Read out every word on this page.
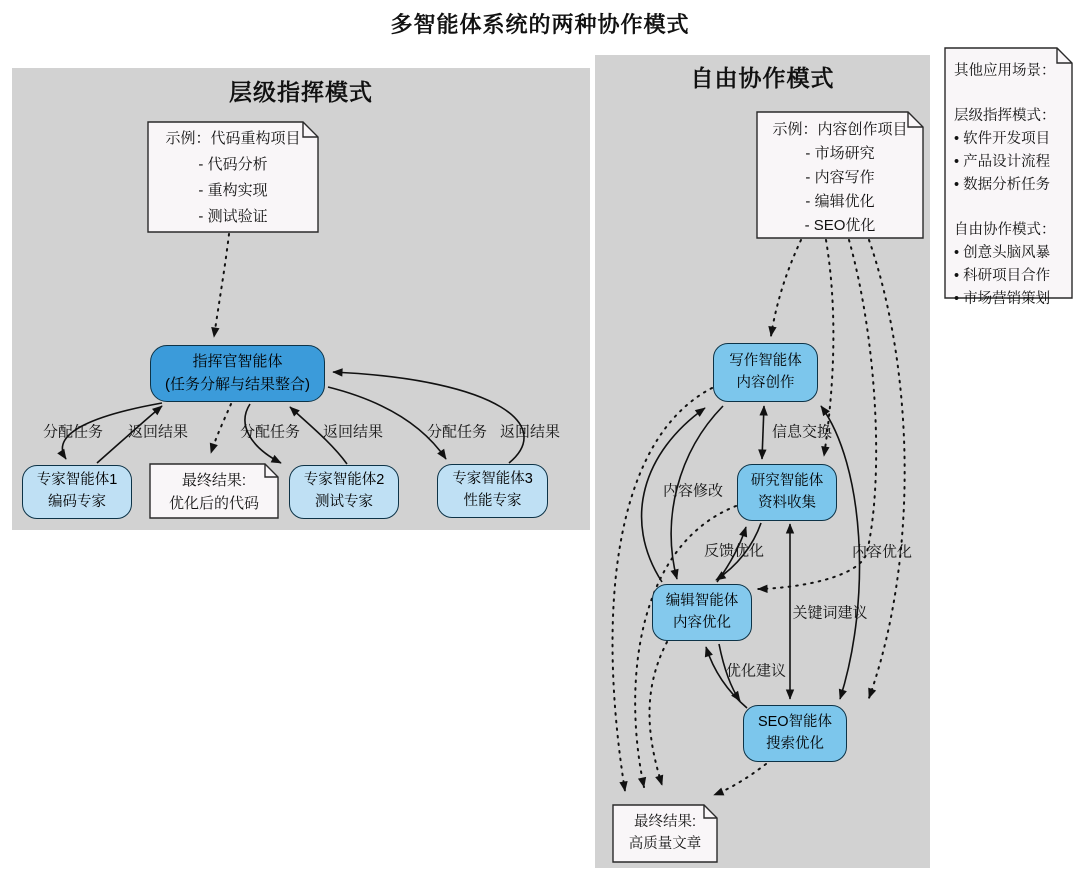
多智能体系统的两种协作模式
层级指挥模式
自由协作模式
示例：代码重构项目
- 代码分析
- 重构实现
- 测试验证
指挥官智能体
(任务分解与结果整合)
最终结果:
优化后的代码
专家智能体1
编码专家
专家智能体2
测试专家
专家智能体3
性能专家
分配任务 返回结果	分配任务 返回结果	分配任务 返回结果
示例：内容创作项目
- 市场研究
- 内容写作
- 编辑优化
- SEO优化
写作智能体
内容创作
研究智能体
资料收集
编辑智能体
内容优化
SEO智能体
搜索优化
最终结果:
高质量文章
信息交换
内容修改
反馈优化	内容优化
关键词建议
优化建议
其他应用场景：
层级指挥模式：
• 软件开发项目
• 产品设计流程
• 数据分析任务
自由协作模式：
• 创意头脑风暴
• 科研项目合作
• 市场营销策划
